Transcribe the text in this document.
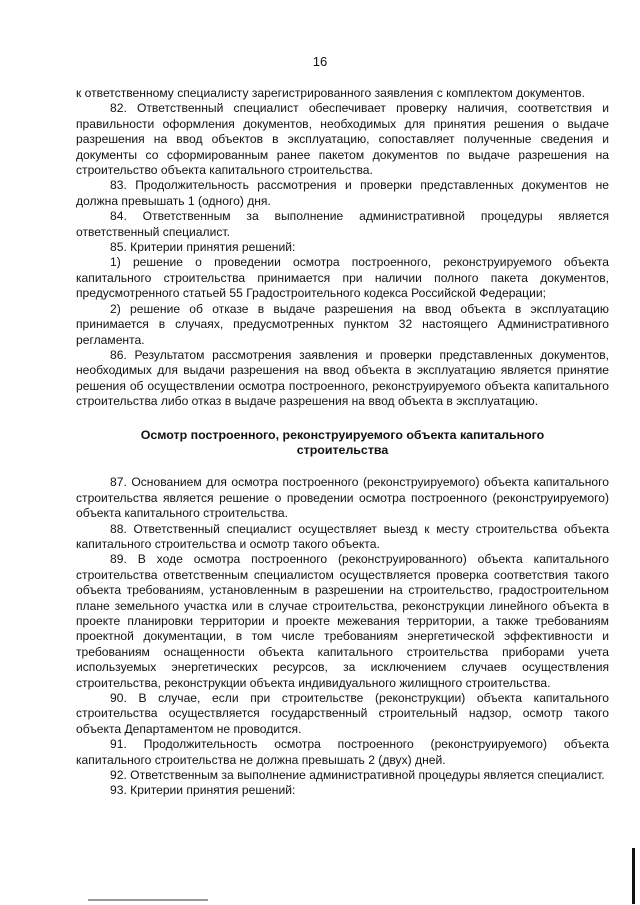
16

к ответственному специалисту зарегистрированного заявления с комплектом документов.

82. Ответственный специалист обеспечивает проверку наличия, соответствия и правильности оформления документов, необходимых для принятия решения о выдаче разрешения на ввод объектов в эксплуатацию, сопоставляет полученные сведения и документы со сформированным ранее пакетом документов по выдаче разрешения на строительство объекта капитального строительства.

83. Продолжительность рассмотрения и проверки представленных документов не должна превышать 1 (одного) дня.

84. Ответственным за выполнение административной процедуры является ответственный специалист.

85. Критерии принятия решений:

1) решение о проведении осмотра построенного, реконструируемого объекта капитального строительства принимается при наличии полного пакета документов, предусмотренного статьей 55 Градостроительного кодекса Российской Федерации;

2) решение об отказе в выдаче разрешения на ввод объекта в эксплуатацию принимается в случаях, предусмотренных пунктом 32 настоящего Административного регламента.

86. Результатом рассмотрения заявления и проверки представленных документов, необходимых для выдачи разрешения на ввод объекта в эксплуатацию является принятие решения об осуществлении осмотра построенного, реконструируемого объекта капитального строительства либо отказ в выдаче разрешения на ввод объекта в эксплуатацию.

Осмотр построенного, реконструируемого объекта капитального строительства

87. Основанием для осмотра построенного (реконструируемого) объекта капитального строительства является решение о проведении осмотра построенного (реконструируемого) объекта капитального строительства.

88. Ответственный специалист осуществляет выезд к месту строительства объекта капитального строительства и осмотр такого объекта.

89. В ходе осмотра построенного (реконструированного) объекта капитального строительства ответственным специалистом осуществляется проверка соответствия такого объекта требованиям, установленным в разрешении на строительство, градостроительном плане земельного участка или в случае строительства, реконструкции линейного объекта в проекте планировки территории и проекте межевания территории, а также требованиям проектной документации, в том числе требованиям энергетической эффективности и требованиям оснащенности объекта капитального строительства приборами учета используемых энергетических ресурсов, за исключением случаев осуществления строительства, реконструкции объекта индивидуального жилищного строительства.

90. В случае, если при строительстве (реконструкции) объекта капитального строительства осуществляется государственный строительный надзор, осмотр такого объекта Департаментом не проводится.

91. Продолжительность осмотра построенного (реконструируемого) объекта капитального строительства не должна превышать 2 (двух) дней.

92. Ответственным за выполнение административной процедуры является специалист.

93. Критерии принятия решений:
